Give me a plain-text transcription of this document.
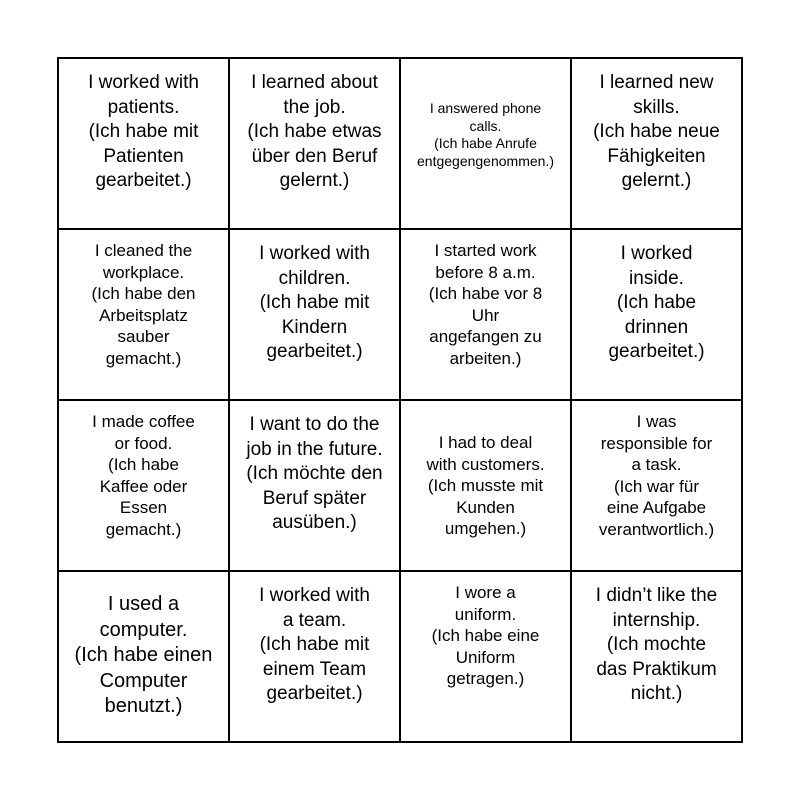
I worked with
patients.
(Ich habe mit
Patienten
gearbeitet.)
I learned about
the job.
(Ich habe etwas
über den Beruf
gelernt.)
I answered phone
calls.
(Ich habe Anrufe
entgegengenommen.)
I learned new
skills.
(Ich habe neue
Fähigkeiten
gelernt.)
I cleaned the
workplace.
(Ich habe den
Arbeitsplatz
sauber
gemacht.)
I worked with
children.
(Ich habe mit
Kindern
gearbeitet.)
I started work
before 8 a.m.
(Ich habe vor 8
Uhr
angefangen zu
arbeiten.)
I worked
inside.
(Ich habe
drinnen
gearbeitet.)
I made coffee
or food.
(Ich habe
Kaffee oder
Essen
gemacht.)
I want to do the
job in the future.
(Ich möchte den
Beruf später
ausüben.)
I had to deal
with customers.
(Ich musste mit
Kunden
umgehen.)
I was
responsible for
a task.
(Ich war für
eine Aufgabe
verantwortlich.)
I used a
computer.
(Ich habe einen
Computer
benutzt.)
I worked with
a team.
(Ich habe mit
einem Team
gearbeitet.)
I wore a
uniform.
(Ich habe eine
Uniform
getragen.)
I didn’t like the
internship.
(Ich mochte
das Praktikum
nicht.)
